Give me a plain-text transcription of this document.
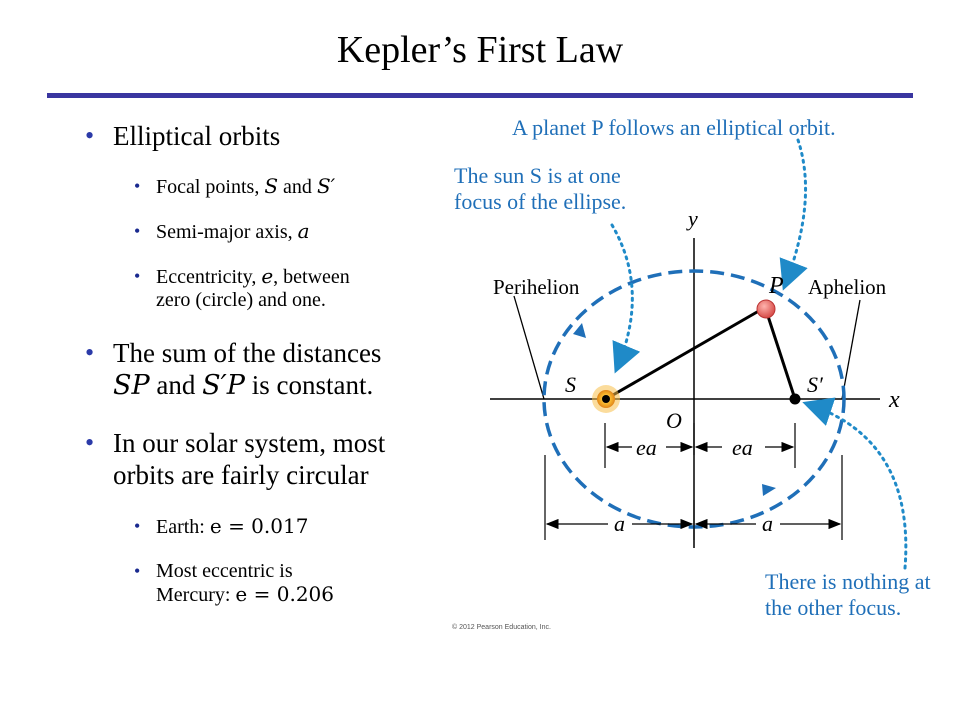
Kepler’s First Law
• Elliptical orbits
• Focal points, S and S′
• Semi-major axis, a
• Eccentricity, e, between
zero (circle) and one.
• The sum of the distances
SP and S′P is constant.
• In our solar system, most
orbits are fairly circular
• Earth: e = 0.017
• Most eccentric is
Mercury: e = 0.206
y
x
O
S	S′
P
Perihelion	Aphelion
ea	ea
a	a
A planet P follows an elliptical orbit.
The sun S is at one
focus of the ellipse.
There is nothing at
the other focus.
© 2012 Pearson Education, Inc.
